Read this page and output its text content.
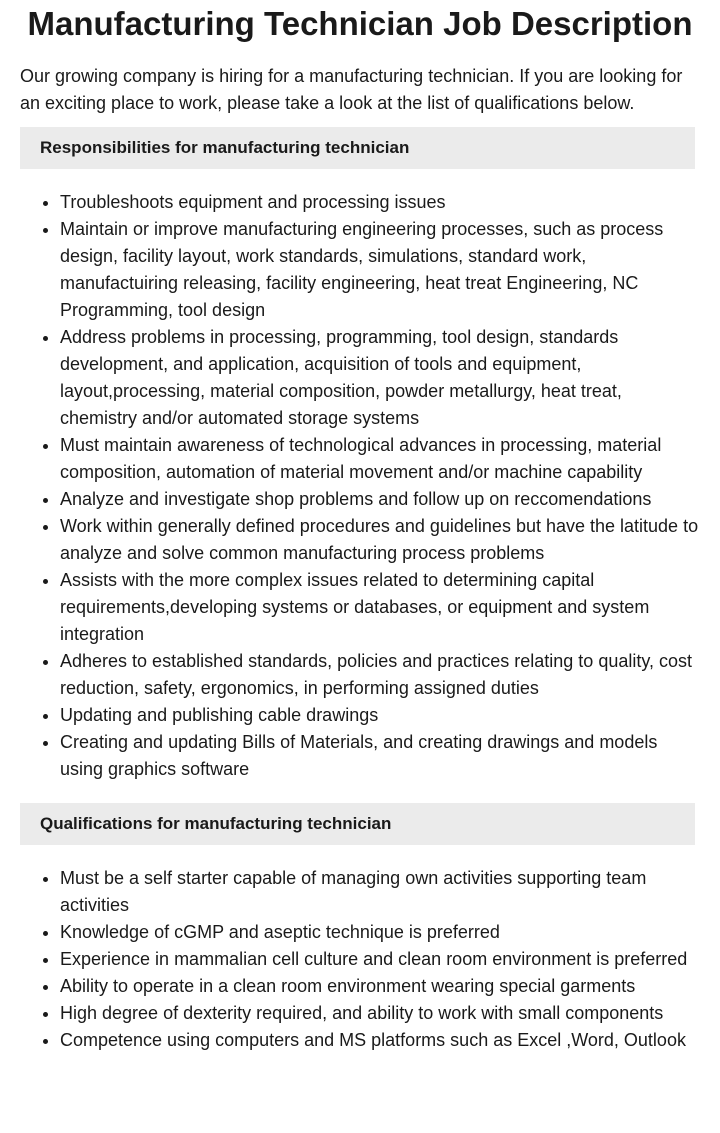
Manufacturing Technician Job Description

Our growing company is hiring for a manufacturing technician. If you are looking for an exciting place to work, please take a look at the list of qualifications below.

Responsibilities for manufacturing technician
• Troubleshoots equipment and processing issues
• Maintain or improve manufacturing engineering processes, such as process design, facility layout, work standards, simulations, standard work, manufactuiring releasing, facility engineering, heat treat Engineering, NC Programming, tool design
• Address problems in processing, programming, tool design, standards development, and application, acquisition of tools and equipment, layout,processing, material composition, powder metallurgy, heat treat, chemistry and/or automated storage systems
• Must maintain awareness of technological advances in processing, material composition, automation of material movement and/or machine capability
• Analyze and investigate shop problems and follow up on reccomendations
• Work within generally defined procedures and guidelines but have the latitude to analyze and solve common manufacturing process problems
• Assists with the more complex issues related to determining capital requirements,developing systems or databases, or equipment and system integration
• Adheres to established standards, policies and practices relating to quality, cost reduction, safety, ergonomics, in performing assigned duties
• Updating and publishing cable drawings
• Creating and updating Bills of Materials, and creating drawings and models using graphics software
Qualifications for manufacturing technician
• Must be a self starter capable of managing own activities supporting team activities
• Knowledge of cGMP and aseptic technique is preferred
• Experience in mammalian cell culture and clean room environment is preferred
• Ability to operate in a clean room environment wearing special garments
• High degree of dexterity required, and ability to work with small components
• Competence using computers and MS platforms such as Excel ,Word, Outlook
